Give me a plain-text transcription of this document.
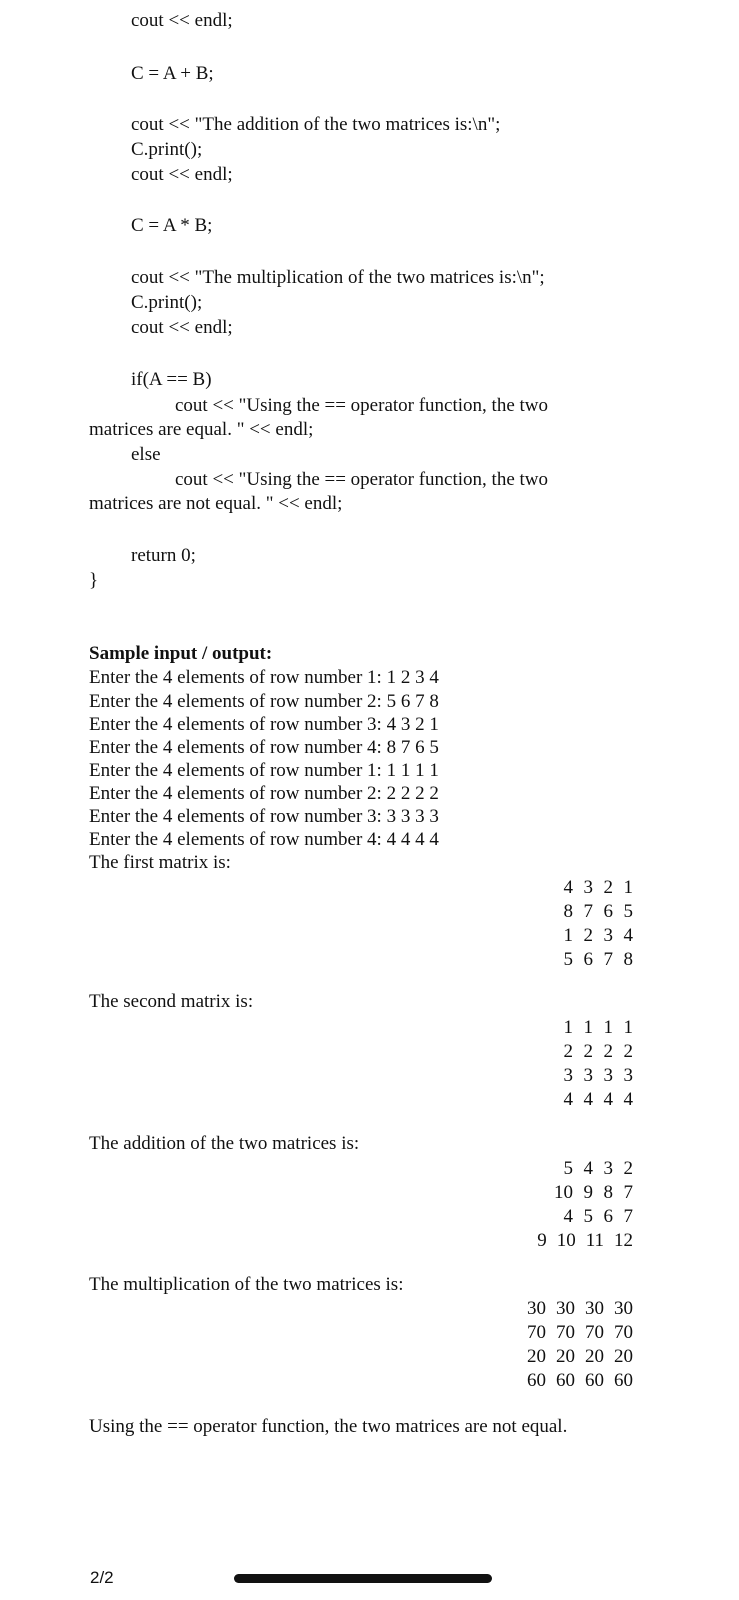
cout << endl;
C = A + B;
cout << "The addition of the two matrices is:\n";
C.print();
cout << endl;
C = A * B;
cout << "The multiplication of the two matrices is:\n";
C.print();
cout << endl;
if(A == B)
cout << "Using the == operator function, the two
matrices are equal. " << endl;
else
cout << "Using the == operator function, the two
matrices are not equal. " << endl;
return 0;
}
Sample input / output:
Enter the 4 elements of row number 1: 1 2 3 4
Enter the 4 elements of row number 2: 5 6 7 8
Enter the 4 elements of row number 3: 4 3 2 1
Enter the 4 elements of row number 4: 8 7 6 5
Enter the 4 elements of row number 1: 1 1 1 1
Enter the 4 elements of row number 2: 2 2 2 2
Enter the 4 elements of row number 3: 3 3 3 3
Enter the 4 elements of row number 4: 4 4 4 4
The first matrix is:
4 3 2 1
8 7 6 5
1 2 3 4
5 6 7 8
The second matrix is:
1 1 1 1
2 2 2 2
3 3 3 3
4 4 4 4
The addition of the two matrices is:
5 4 3 2
10 9 8 7
4 5 6 7
9 10 11 12
The multiplication of the two matrices is:
30 30 30 30
70 70 70 70
20 20 20 20
60 60 60 60
Using the == operator function, the two matrices are not equal.
2/2
